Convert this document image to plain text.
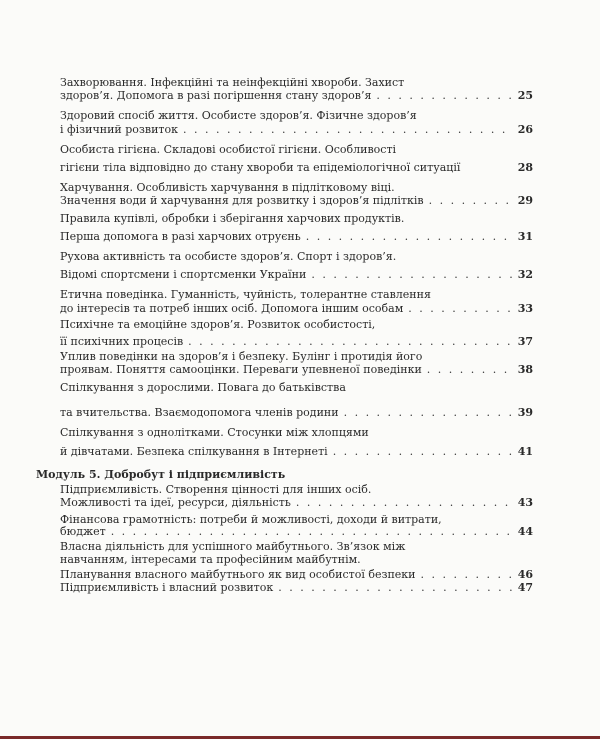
Захворювання. Інфекційні та неінфекційні хвороби. Захист
здоров’я. Допомога в разі погіршення стану здоров’я . . .	25
Здоровий спосіб життя. Особисте здоров’я. Фізичне здоров’я
і фізичний розвиток . . .	26
Особиста гігієна. Складові особистої гігієни. Особливості
гігієни тіла відповідно до стану хвороби та епідеміологічної ситуації	28
Харчування. Особливість харчування в підлітковому віці.
Значення води й харчування для розвитку і здоров’я підлітків . . .	29
Правила купівлі, обробки і зберігання харчових продуктів.
Перша допомога в разі харчових отруєнь . . .	31
Рухова активність та особисте здоров’я. Спорт і здоров’я.
Відомі спортсмени і спортсменки України . . .	32
Етична поведінка. Гуманність, чуйність, толерантне ставлення
до інтересів та потреб інших осіб. Допомога іншим особам . . .	33
Психічне та емоційне здоров’я. Розвиток особистості,
її психічних процесів . . .	37
Уплив поведінки на здоров’я і безпеку. Булінг і протидія його
проявам. Поняття самооцінки. Переваги упевненої поведінки . . .	38
Спілкування з дорослими. Повага до батьківства
та вчительства. Взаємодопомога членів родини . . .	39
Спілкування з однолітками. Стосунки між хлопцями
й дівчатами. Безпека спілкування в Інтернеті . . .	41
Модуль 5. Добробут і підприємливість
Підприємливість. Створення цінності для інших осіб.
Можливості та ідеї, ресурси, діяльність . . .	43
Фінансова грамотність: потреби й можливості, доходи й витрати,
бюджет . . .	44
Власна діяльність для успішного майбутнього. Зв’язок між
навчанням, інтересами та професійним майбутнім.
Планування власного майбутнього як вид особистої безпеки . . .	46
Підприємливість і власний розвиток . . .	47
